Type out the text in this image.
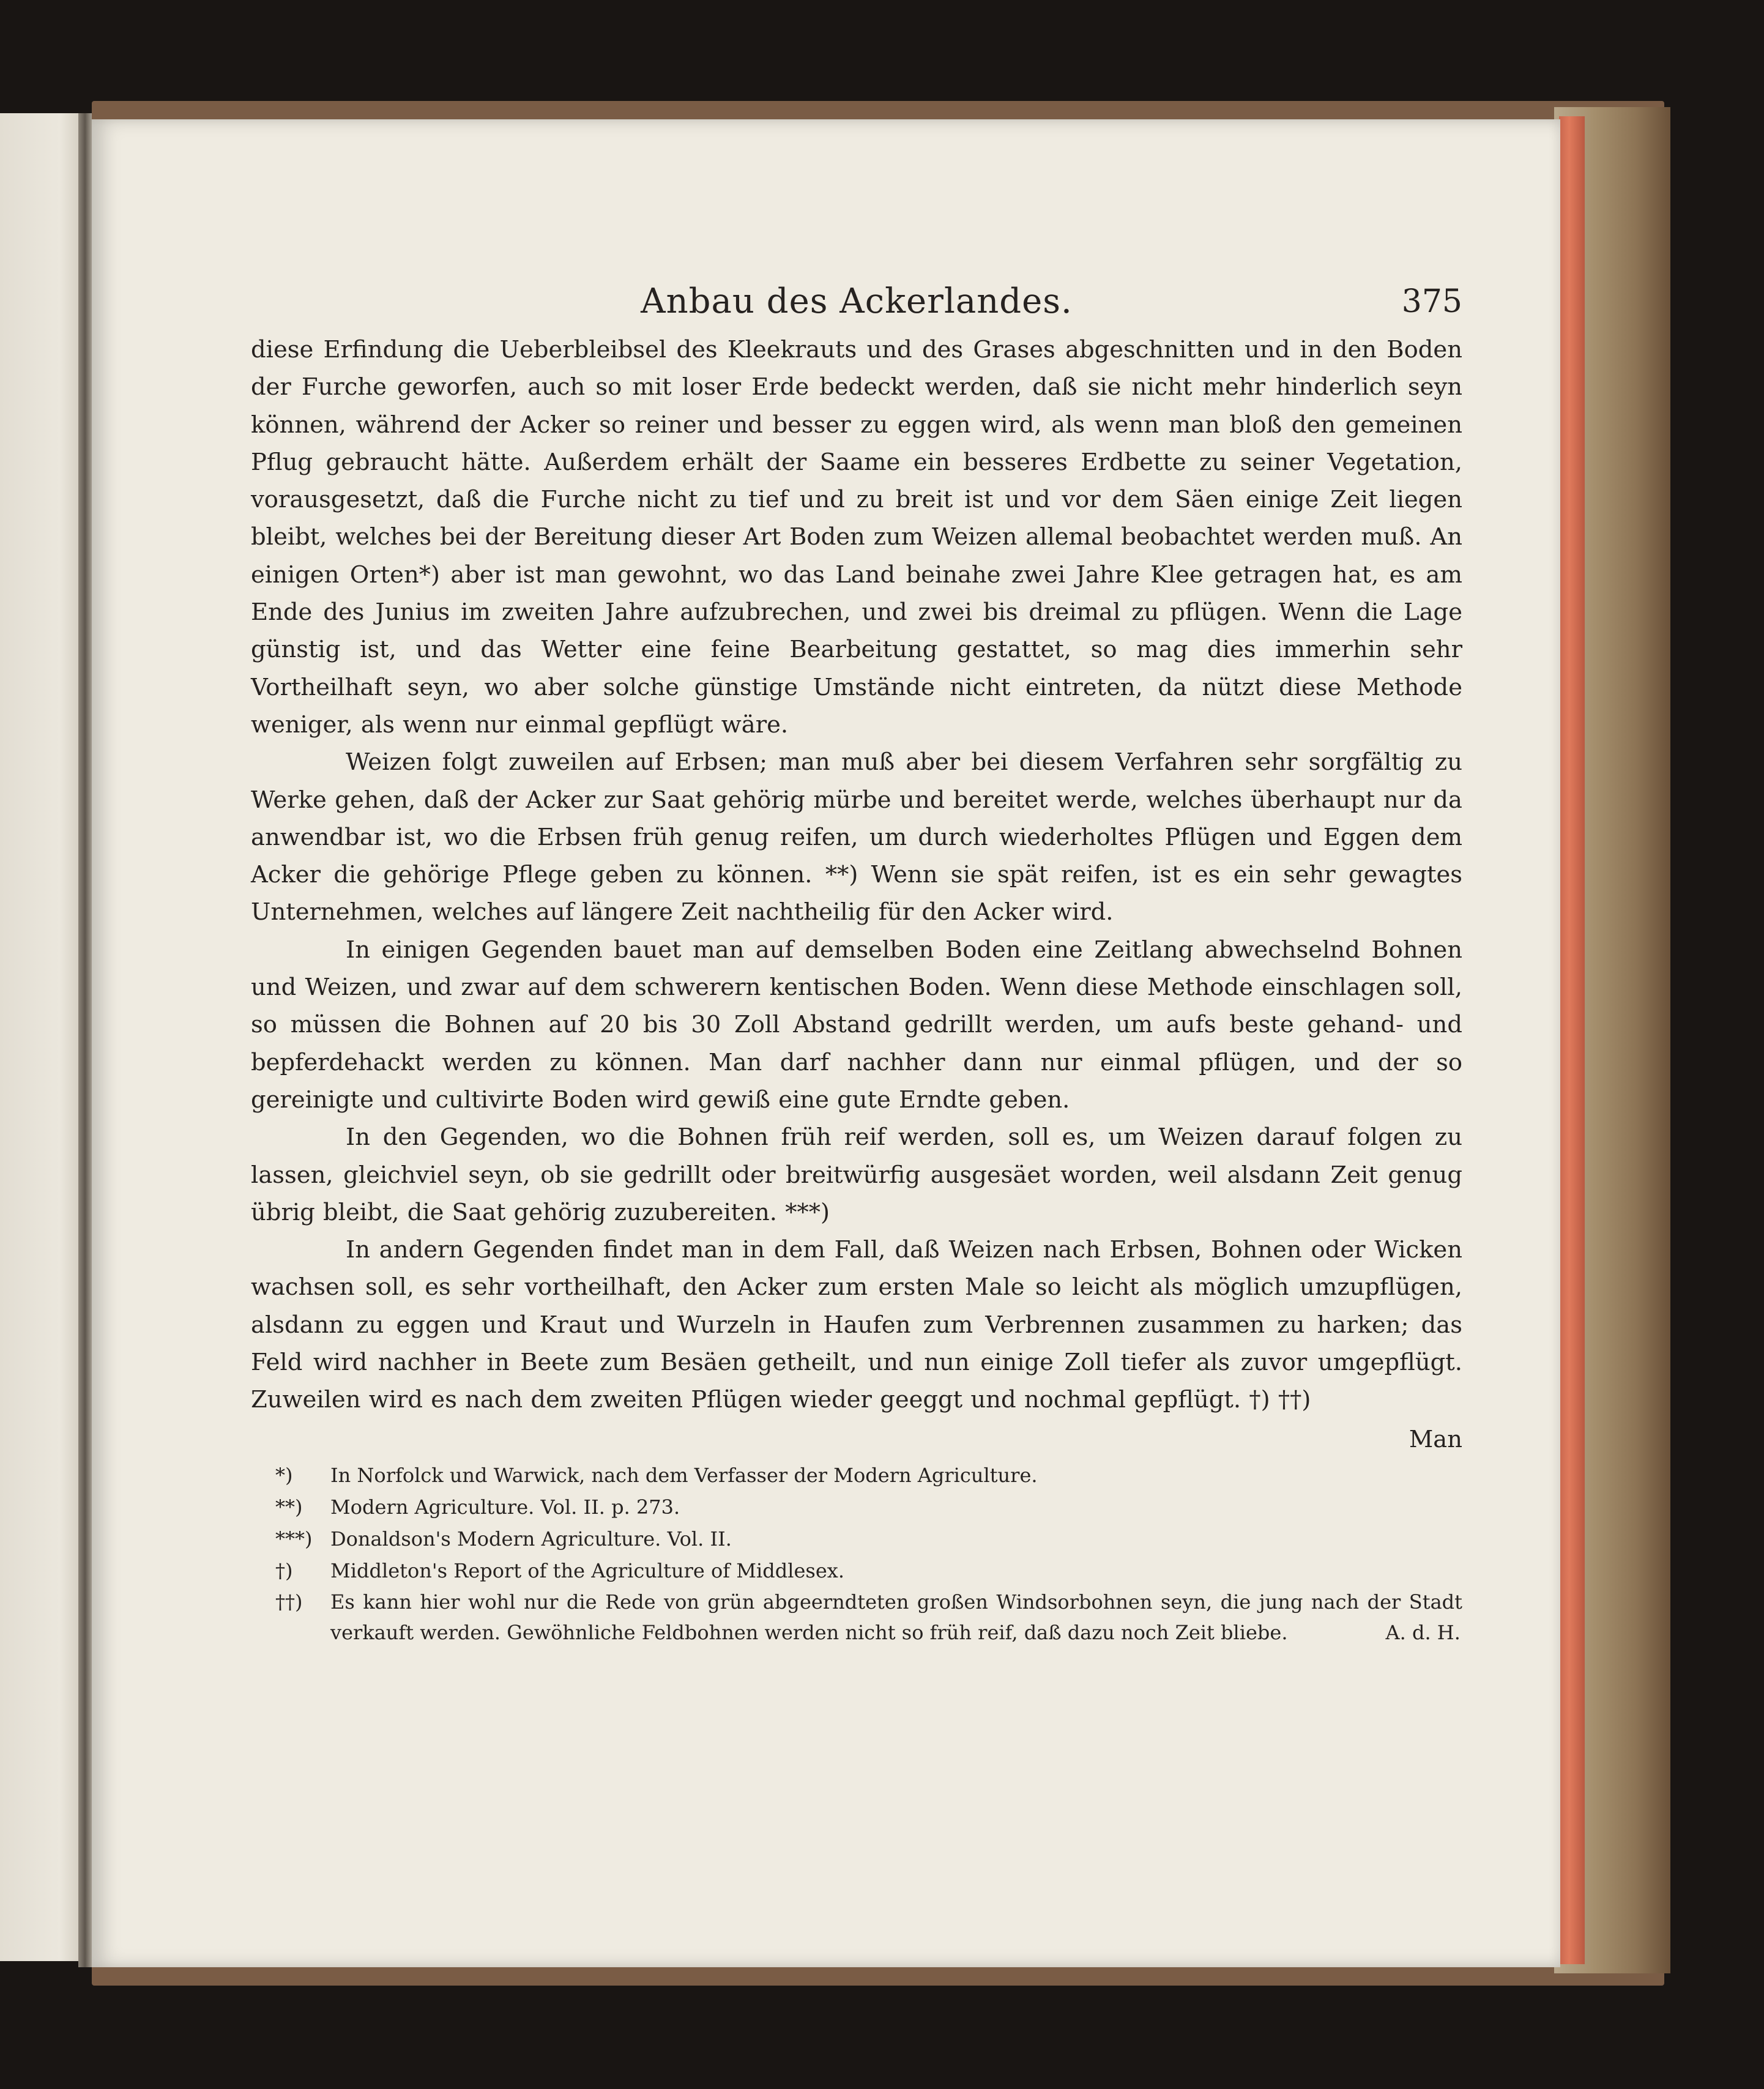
Anbau des Ackerlandes.	375

diese Erfindung die Ueberbleibsel des Kleekrauts und des Grases abgeschnitten und in den Boden der Furche geworfen, auch so mit loser Erde bedeckt werden, daß sie nicht mehr hinderlich seyn können, während der Acker so reiner und besser zu eggen wird, als wenn man bloß den gemeinen Pflug gebraucht hätte. Außerdem erhält der Saame ein besseres Erdbette zu seiner Vegetation, vorausgesetzt, daß die Furche nicht zu tief und zu breit ist und vor dem Säen einige Zeit liegen bleibt, welches bei der Bereitung dieser Art Boden zum Weizen allemal beobachtet werden muß. An einigen Orten*) aber ist man gewohnt, wo das Land beinahe zwei Jahre Klee getragen hat, es am Ende des Junius im zweiten Jahre aufzubrechen, und zwei bis dreimal zu pflügen. Wenn die Lage günstig ist, und das Wetter eine feine Bearbeitung gestattet, so mag dies immerhin sehr Vortheilhaft seyn, wo aber solche günstige Umstände nicht eintreten, da nützt diese Methode weniger, als wenn nur einmal gepflügt wäre.

Weizen folgt zuweilen auf Erbsen; man muß aber bei diesem Verfahren sehr sorgfältig zu Werke gehen, daß der Acker zur Saat gehörig mürbe und bereitet werde, welches überhaupt nur da anwendbar ist, wo die Erbsen früh genug reifen, um durch wiederholtes Pflügen und Eggen dem Acker die gehörige Pflege geben zu können. **) Wenn sie spät reifen, ist es ein sehr gewagtes Unternehmen, welches auf längere Zeit nachtheilig für den Acker wird.

In einigen Gegenden bauet man auf demselben Boden eine Zeitlang abwechselnd Bohnen und Weizen, und zwar auf dem schwerern kentischen Boden. Wenn diese Methode einschlagen soll, so müssen die Bohnen auf 20 bis 30 Zoll Abstand gedrillt werden, um aufs beste gehand- und bepferdehackt werden zu können. Man darf nachher dann nur einmal pflügen, und der so gereinigte und cultivirte Boden wird gewiß eine gute Erndte geben.

In den Gegenden, wo die Bohnen früh reif werden, soll es, um Weizen darauf folgen zu lassen, gleichviel seyn, ob sie gedrillt oder breitwürfig ausgesäet worden, weil alsdann Zeit genug übrig bleibt, die Saat gehörig zuzubereiten. ***)

In andern Gegenden findet man in dem Fall, daß Weizen nach Erbsen, Bohnen oder Wicken wachsen soll, es sehr vortheilhaft, den Acker zum ersten Male so leicht als möglich umzupflügen, alsdann zu eggen und Kraut und Wurzeln in Haufen zum Verbrennen zusammen zu harken; das Feld wird nachher in Beete zum Besäen getheilt, und nun einige Zoll tiefer als zuvor umgepflügt. Zuweilen wird es nach dem zweiten Pflügen wieder geeggt und nochmal gepflügt. †) ††)

Man

*) In Norfolck und Warwick, nach dem Verfasser der Modern Agriculture.

**) Modern Agriculture. Vol. II. p. 273.

***) Donaldson's Modern Agriculture. Vol. II.

†) Middleton's Report of the Agriculture of Middlesex.

††) Es kann hier wohl nur die Rede von grün abgeerndteten großen Windsorbohnen seyn, die jung nach der Stadt verkauft werden. Gewöhnliche Feldbohnen werden nicht so früh reif, daß dazu noch Zeit bliebe.	A. d. H.
